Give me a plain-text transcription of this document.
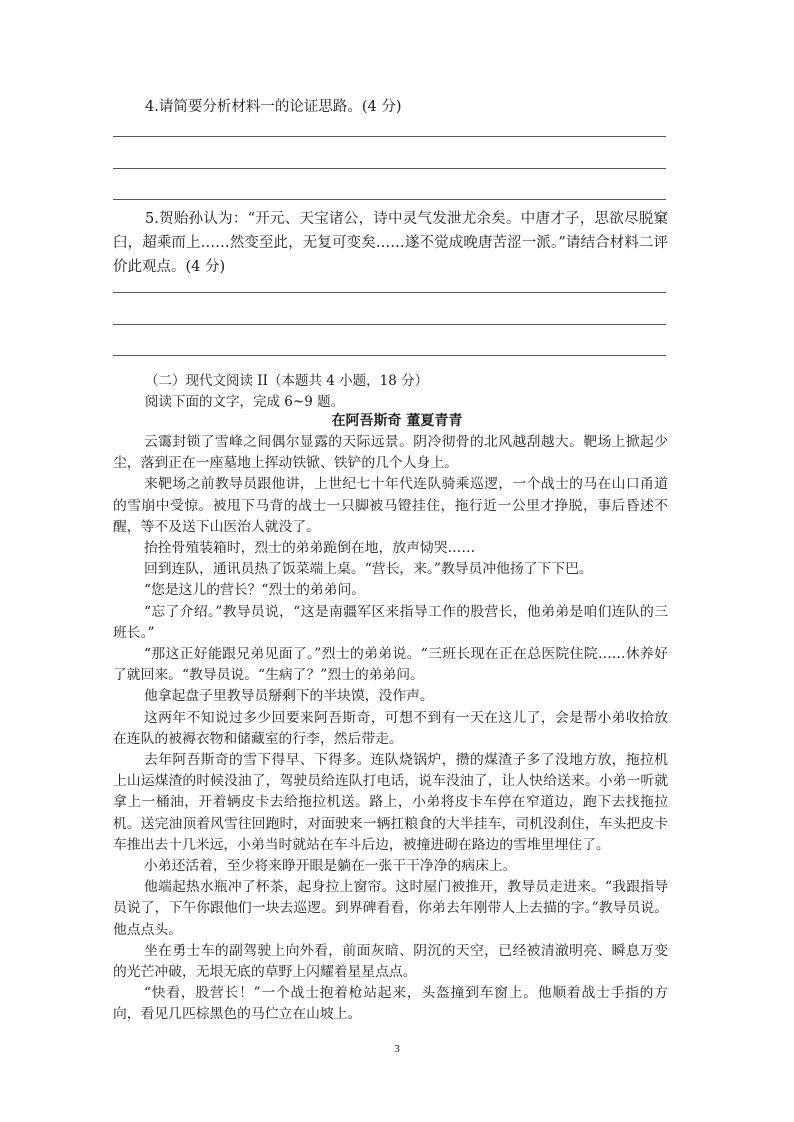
4.请简要分析材料一的论证思路。(4 分)
5.贺贻孙认为：“开元、天宝诸公，诗中灵气发泄尤余矣。中唐才子，思欲尽脱窠臼，超乘而上……然变至此，无复可变矣……遂不觉成晚唐苦涩一派。”请结合材料二评价此观点。(4 分)
（二）现代文阅读 II（本题共 4 小题，18 分）
阅读下面的文字，完成 6~9 题。
在阿吾斯奇 董夏青青

云霭封锁了雪峰之间偶尔显露的天际远景。阴冷彻骨的北风越刮越大。靶场上掀起少尘，落到正在一座墓地上挥动铁锨、铁铲的几个人身上。

来靶场之前教导员跟他讲，上世纪七十年代连队骑乘巡逻，一个战士的马在山口甬道的雪崩中受惊。被甩下马背的战士一只脚被马镫挂住，拖行近一公里才挣脱，事后昏述不醒，等不及送下山医治人就没了。

抬拴骨殖装箱时，烈士的弟弟跪倒在地，放声恸哭……

回到连队，通讯员热了饭菜端上桌。“营长，来。”教导员冲他扬了下下巴。

“您是这儿的营长？“烈士的弟弟问。

“忘了介绍。”教导员说，“这是南疆军区来指导工作的股营长，他弟弟是咱们连队的三班长。”

“那这正好能跟兄弟见面了。”烈士的弟弟说。“三班长现在正在总医院住院……休养好了就回来。“教导员说。“生病了？”烈士的弟弟问。

他拿起盘子里教导员掰剩下的半块馍，没作声。

这两年不知说过多少回要来阿吾斯奇，可想不到有一天在这儿了，会是帮小弟收拾放在连队的被褥衣物和储藏室的行李，然后带走。

去年阿吾斯奇的雪下得早、下得多。连队烧锅炉，攒的煤渣子多了没地方放，拖拉机上山运煤渣的时候没油了，驾驶员给连队打电话，说车没油了，让人快给送来。小弟一听就拿上一桶油，开着辆皮卡去给拖拉机送。路上，小弟将皮卡车停在窄道边，跑下去找拖拉机。送完油顶着风雪往回跑时，对面驶来一辆扛粮食的大半挂车，司机没刹住，车头把皮卡车推出去十几米远，小弟当时就站在车斗后边，被撞进砌在路边的雪堆里埋住了。

小弟还活着，至少将来睁开眼是躺在一张干干净净的病床上。

他端起热水瓶冲了杯茶，起身拉上窗帘。这时屋门被推开，教导员走进来。“我跟指导员说了，下午你跟他们一块去巡逻。到界碑看看，你弟去年刚带人上去描的字。”教导员说。他点点头。

坐在勇士车的副驾驶上向外看，前面灰暗、阴沉的天空，已经被清澈明亮、瞬息万变的光芒冲破，无垠无底的草野上闪耀着星星点点。

“快看，股营长！”一个战士抱着枪站起来，头盔撞到车窗上。他顺着战士手指的方向，看见几匹棕黑色的马伫立在山坡上。

3
